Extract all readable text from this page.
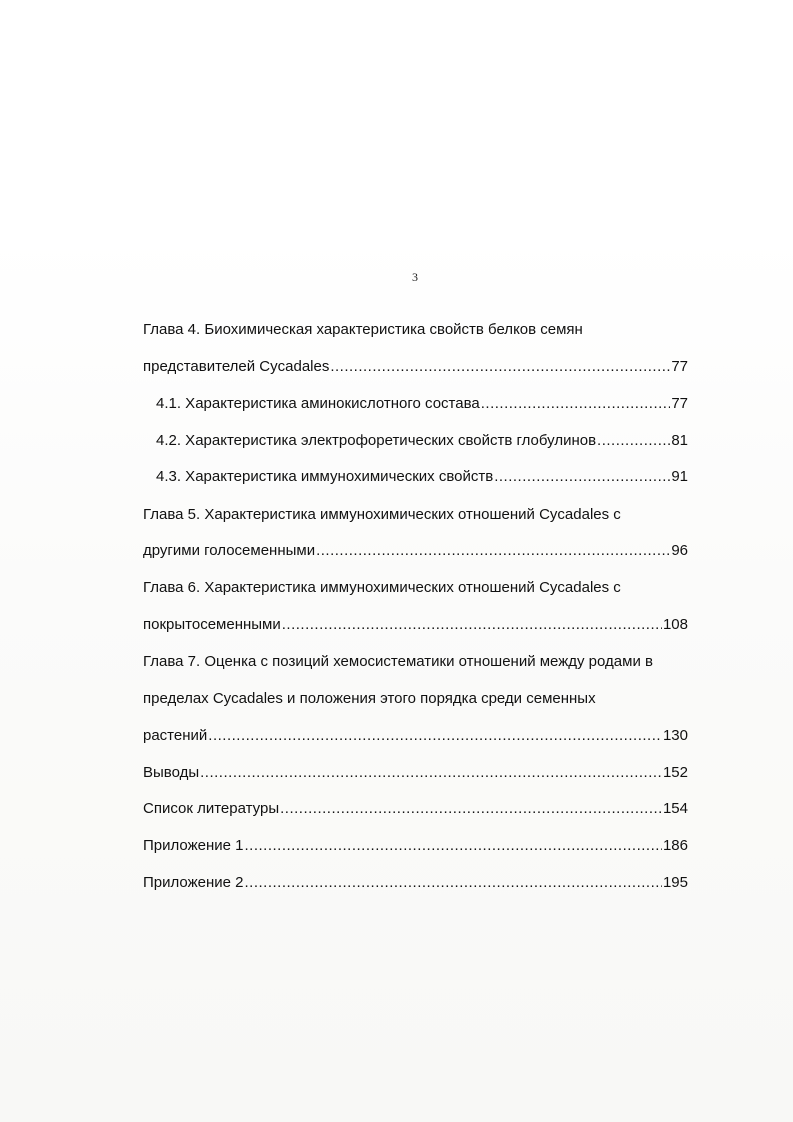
3
Глава 4. Биохимическая характеристика свойств белков семян
представителей Cycadales .....	77
4.1. Характеристика аминокислотного состава .....	77
4.2. Характеристика электрофоретических свойств глобулинов .....	81
4.3. Характеристика иммунохимических свойств .....	91
Глава 5. Характеристика иммунохимических отношений Cycadales с
другими голосеменными .....	96
Глава 6. Характеристика иммунохимических отношений Cycadales с
покрытосеменными .....	108
Глава 7. Оценка с позиций хемосистематики отношений между родами в
пределах Cycadales и положения этого порядка среди семенных
растений .....	130
Выводы .....	152
Список литературы .....	154
Приложение 1 .....	186
Приложение 2 .....	195
